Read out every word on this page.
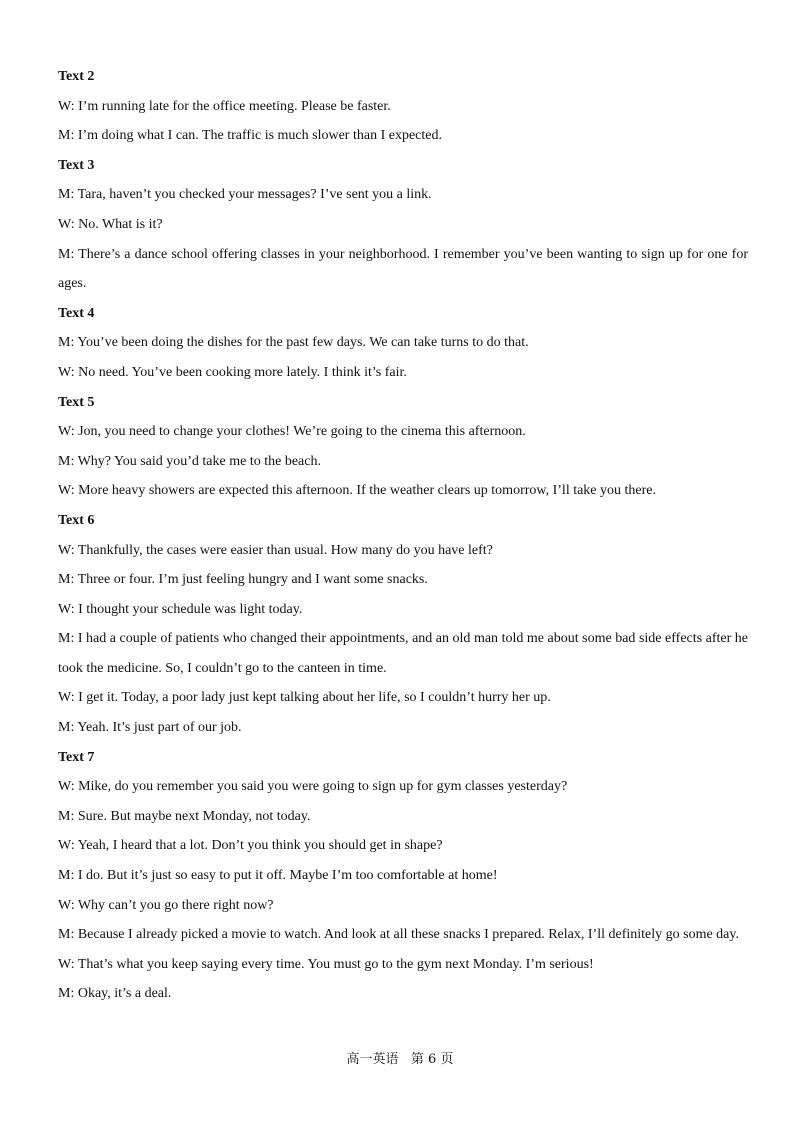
Text 2

W: I’m running late for the office meeting. Please be faster.

M: I’m doing what I can. The traffic is much slower than I expected.

Text 3

M: Tara, haven’t you checked your messages? I’ve sent you a link.

W: No. What is it?

M: There’s a dance school offering classes in your neighborhood. I remember you’ve been wanting to sign up for one for ages.

Text 4

M: You’ve been doing the dishes for the past few days. We can take turns to do that.

W: No need. You’ve been cooking more lately. I think it’s fair.

Text 5

W: Jon, you need to change your clothes! We’re going to the cinema this afternoon.

M: Why? You said you’d take me to the beach.

W: More heavy showers are expected this afternoon. If the weather clears up tomorrow, I’ll take you there.

Text 6

W: Thankfully, the cases were easier than usual. How many do you have left?

M: Three or four. I’m just feeling hungry and I want some snacks.

W: I thought your schedule was light today.

M: I had a couple of patients who changed their appointments, and an old man told me about some bad side effects after he took the medicine. So, I couldn’t go to the canteen in time.

W: I get it. Today, a poor lady just kept talking about her life, so I couldn’t hurry her up.

M: Yeah. It’s just part of our job.

Text 7

W: Mike, do you remember you said you were going to sign up for gym classes yesterday?

M: Sure. But maybe next Monday, not today.

W: Yeah, I heard that a lot. Don’t you think you should get in shape?

M: I do. But it’s just so easy to put it off. Maybe I’m too comfortable at home!

W: Why can’t you go there right now?

M: Because I already picked a movie to watch. And look at all these snacks I prepared. Relax, I’ll definitely go some day.

W: That’s what you keep saying every time. You must go to the gym next Monday. I’m serious!

M: Okay, it’s a deal.

高一英语   第 6 页
